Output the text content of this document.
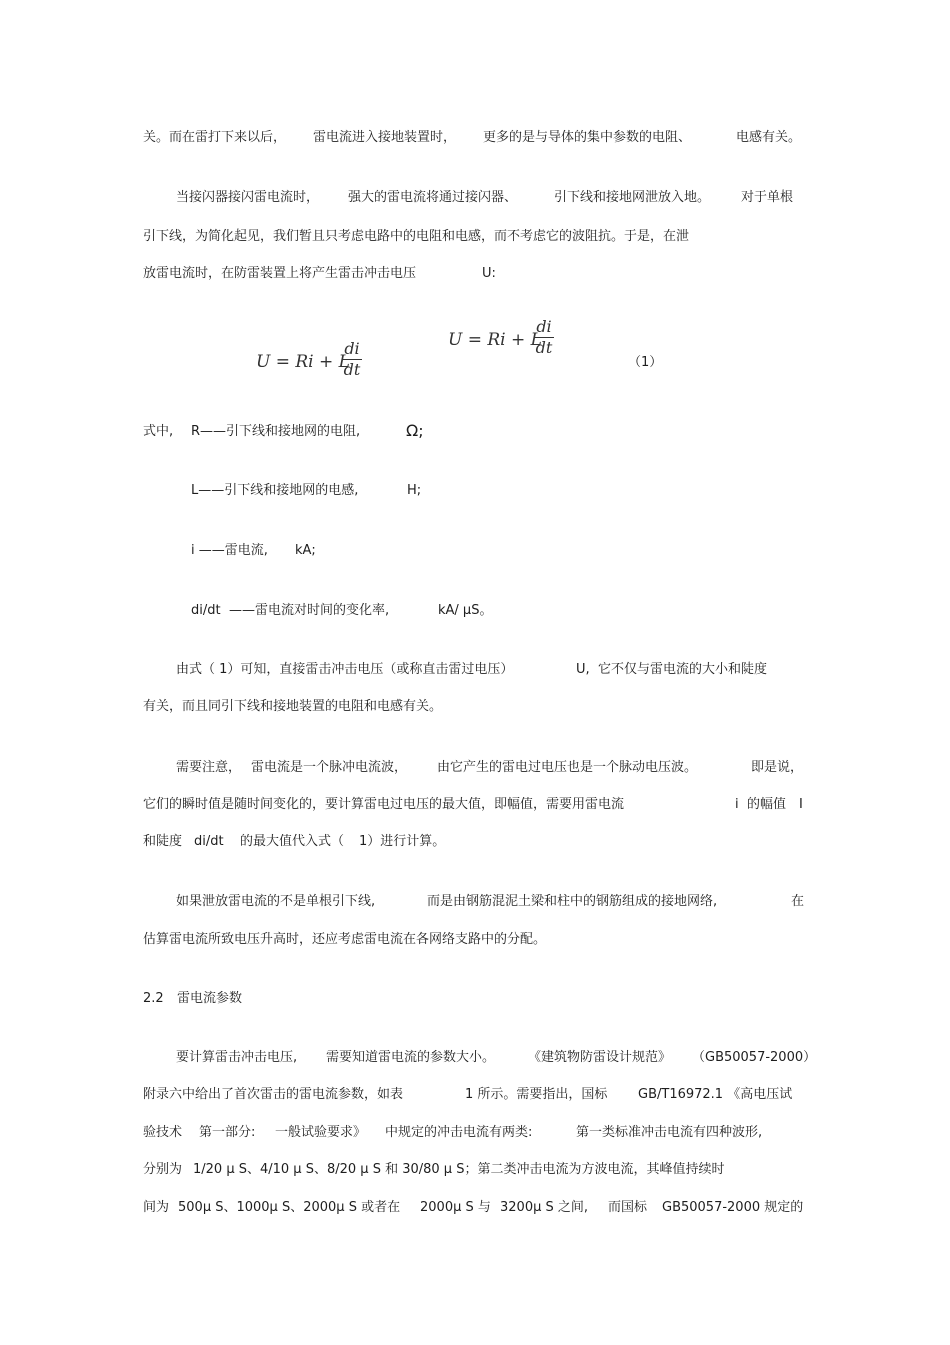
关。而在雷打下来以后， 雷电流进入接地装置时， 更多的是与导体的集中参数的电阻、	电感有关。
当接闪器接闪雷电流时， 强大的雷电流将通过接闪器、	引下线和接地网泄放入地。 对于单根
引下线，为简化起见，我们暂且只考虑电路中的电阻和电感，而不考虑它的波阻抗。于是，在泄
放雷电流时，在防雷装置上将产生雷击冲击电压	U:
U = Ri + L
di
dt
U = Ri + L
di
dt
（1）
式中, R——引下线和接地网的电阻,	Ω;
L——引下线和接地网的电感,	H;
i ——雷电流, kA;
di/dt ——雷电流对时间的变化率,	kA/ μS。
由式（ 1）可知，直接雷击冲击电压（或称直击雷过电压）	U, 它不仅与雷电流的大小和陡度
有关，而且同引下线和接地装置的电阻和电感有关。
需要注意， 雷电流是一个脉冲电流波， 由它产生的雷电过电压也是一个脉动电压波。	即是说，
它们的瞬时值是随时间变化的，要计算雷电过电压的最大值，即幅值，需要用雷电流	i 的幅值 I
和陡度 di/dt 的最大值代入式（ 1）进行计算。
如果泄放雷电流的不是单根引下线,	而是由钢筋混泥土梁和柱中的钢筋组成的接地网络,	在
估算雷电流所致电压升高时，还应考虑雷电流在各网络支路中的分配。
2.2 雷电流参数
要计算雷击冲击电压, 需要知道雷电流的参数大小。	《建筑物防雷设计规范》 （GB50057-2000）
附录六中给出了首次雷击的雷电流参数，如表	1 所示。需要指出，国标 GB/T16972.1 《高电压试
验技术 第一部分: 一般试验要求》 中规定的冲击电流有两类:	第一类标准冲击电流有四种波形,
分别为 1/20 μ S、4/10 μ S、8/20 μ S 和 30/80 μ S；第二类冲击电流为方波电流，其峰值持续时
间为 500μ S、1000μ S、2000μ S 或者在 2000μ S 与 3200μ S 之间, 而国标 GB50057-2000 规定的
